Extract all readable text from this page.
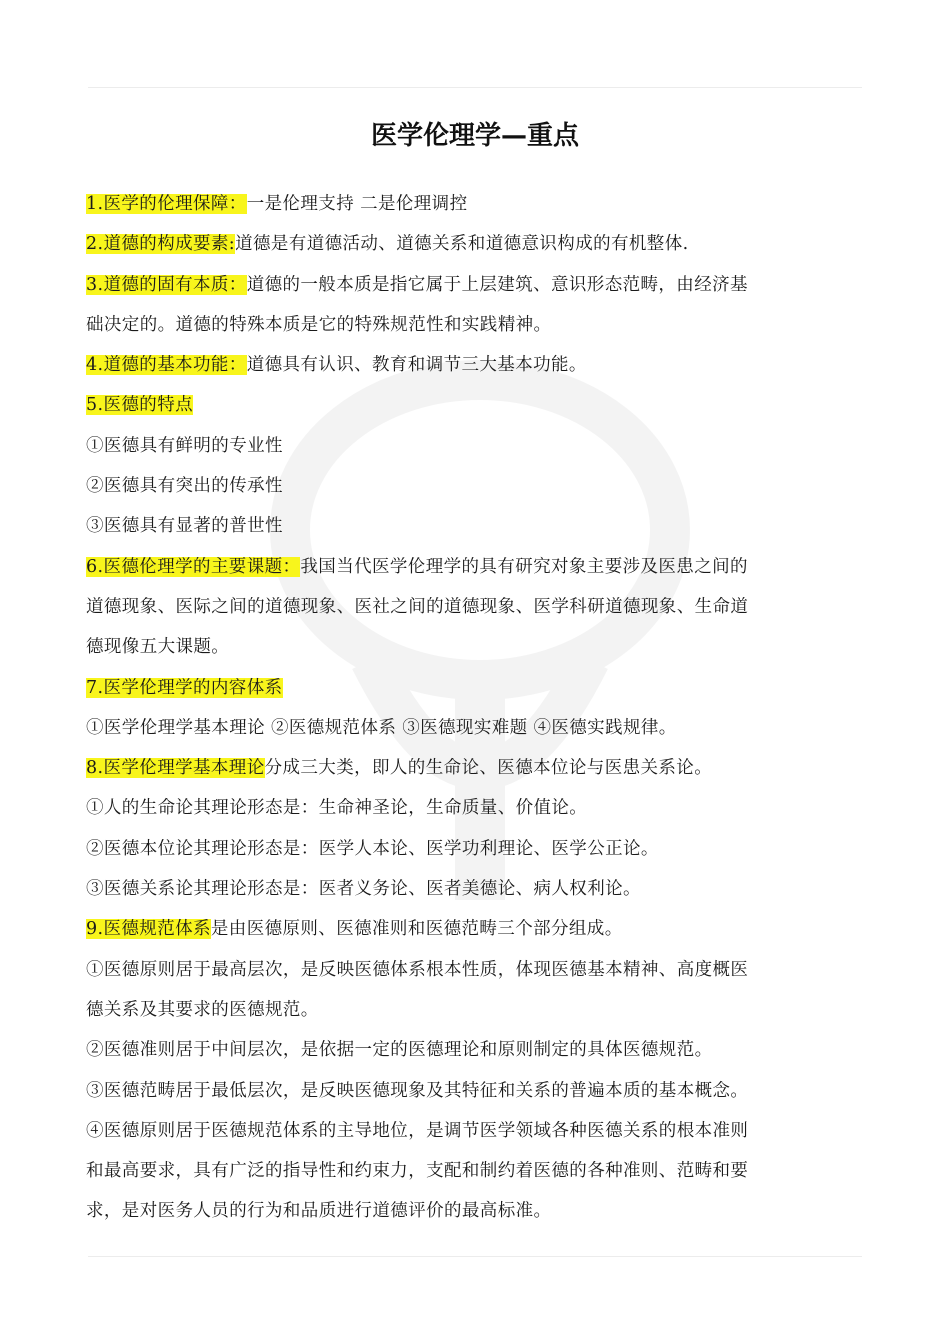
医学伦理学—重点
1.医学的伦理保障：一是伦理支持 二是伦理调控
2.道德的构成要素:道德是有道德活动、道德关系和道德意识构成的有机整体.
3.道德的固有本质：道德的一般本质是指它属于上层建筑、意识形态范畴，由经济基
础决定的。道德的特殊本质是它的特殊规范性和实践精神。
4.道德的基本功能：道德具有认识、教育和调节三大基本功能。
5.医德的特点
①医德具有鲜明的专业性
②医德具有突出的传承性
③医德具有显著的普世性
6.医德伦理学的主要课题：我国当代医学伦理学的具有研究对象主要涉及医患之间的
道德现象、医际之间的道德现象、医社之间的道德现象、医学科研道德现象、生命道
德现像五大课题。
7.医学伦理学的内容体系
①医学伦理学基本理论 ②医德规范体系 ③医德现实难题 ④医德实践规律。
8.医学伦理学基本理论分成三大类，即人的生命论、医德本位论与医患关系论。
①人的生命论其理论形态是：生命神圣论，生命质量、价值论。
②医德本位论其理论形态是：医学人本论、医学功利理论、医学公正论。
③医德关系论其理论形态是：医者义务论、医者美德论、病人权利论。
9.医德规范体系是由医德原则、医德准则和医德范畴三个部分组成。
①医德原则居于最高层次，是反映医德体系根本性质，体现医德基本精神、高度概医
德关系及其要求的医德规范。
②医德准则居于中间层次，是依据一定的医德理论和原则制定的具体医德规范。
③医德范畴居于最低层次，是反映医德现象及其特征和关系的普遍本质的基本概念。
④医德原则居于医德规范体系的主导地位，是调节医学领域各种医德关系的根本准则
和最高要求，具有广泛的指导性和约束力，支配和制约着医德的各种准则、范畴和要
求，是对医务人员的行为和品质进行道德评价的最高标准。
